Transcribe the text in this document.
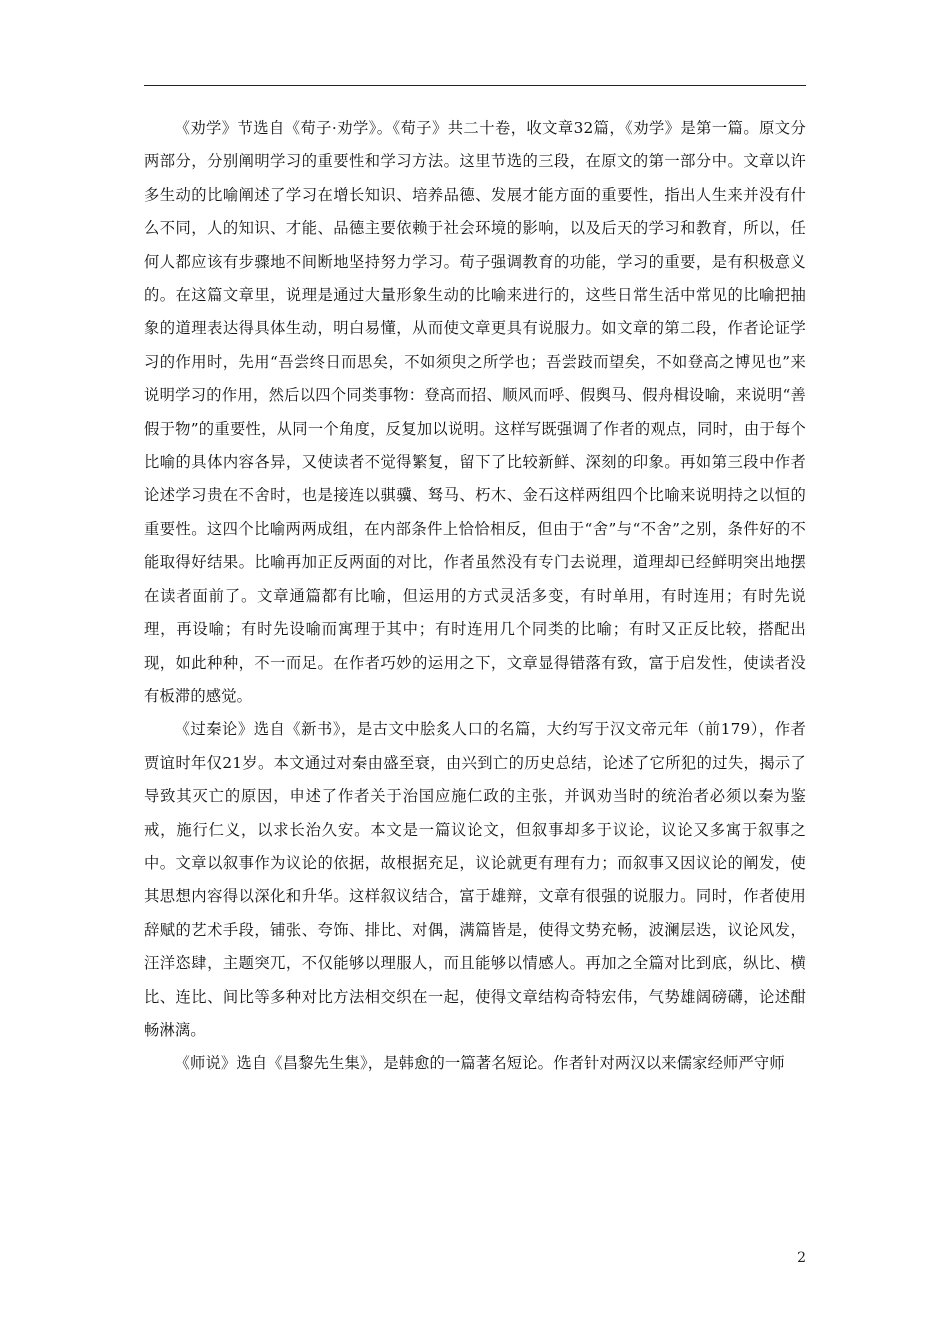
《劝学》节选自《荀子·劝学》。《荀子》共二十卷，收文章32篇，《劝学》是第一篇。原文分两部分，分别阐明学习的重要性和学习方法。这里节选的三段，在原文的第一部分中。文章以许多生动的比喻阐述了学习在增长知识、培养品德、发展才能方面的重要性，指出人生来并没有什么不同，人的知识、才能、品德主要依赖于社会环境的影响，以及后天的学习和教育，所以，任何人都应该有步骤地不间断地坚持努力学习。荀子强调教育的功能，学习的重要，是有积极意义的。在这篇文章里，说理是通过大量形象生动的比喻来进行的，这些日常生活中常见的比喻把抽象的道理表达得具体生动，明白易懂，从而使文章更具有说服力。如文章的第二段，作者论证学习的作用时，先用“吾尝终日而思矣，不如须臾之所学也；吾尝跂而望矣，不如登高之博见也”来说明学习的作用，然后以四个同类事物：登高而招、顺风而呼、假舆马、假舟楫设喻，来说明“善假于物”的重要性，从同一个角度，反复加以说明。这样写既强调了作者的观点，同时，由于每个比喻的具体内容各异，又使读者不觉得繁复，留下了比较新鲜、深刻的印象。再如第三段中作者论述学习贵在不舍时，也是接连以骐骥、驽马、朽木、金石这样两组四个比喻来说明持之以恒的重要性。这四个比喻两两成组，在内部条件上恰恰相反，但由于“舍”与“不舍”之别，条件好的不能取得好结果。比喻再加正反两面的对比，作者虽然没有专门去说理，道理却已经鲜明突出地摆在读者面前了。文章通篇都有比喻，但运用的方式灵活多变，有时单用，有时连用；有时先说理，再设喻；有时先设喻而寓理于其中；有时连用几个同类的比喻；有时又正反比较，搭配出现，如此种种，不一而足。在作者巧妙的运用之下，文章显得错落有致，富于启发性，使读者没有板滞的感觉。

《过秦论》选自《新书》，是古文中脍炙人口的名篇，大约写于汉文帝元年（前179），作者贾谊时年仅21岁。本文通过对秦由盛至衰，由兴到亡的历史总结，论述了它所犯的过失，揭示了导致其灭亡的原因，申述了作者关于治国应施仁政的主张，并讽劝当时的统治者必须以秦为鉴戒，施行仁义，以求长治久安。本文是一篇议论文，但叙事却多于议论，议论又多寓于叙事之中。文章以叙事作为议论的依据，故根据充足，议论就更有理有力；而叙事又因议论的阐发，使其思想内容得以深化和升华。这样叙议结合，富于雄辩，文章有很强的说服力。同时，作者使用辞赋的艺术手段，铺张、夸饰、排比、对偶，满篇皆是，使得文势充畅，波澜层迭，议论风发，汪洋恣肆，主题突兀，不仅能够以理服人，而且能够以情感人。再加之全篇对比到底，纵比、横比、连比、间比等多种对比方法相交织在一起，使得文章结构奇特宏伟，气势雄阔磅礴，论述酣畅淋漓。

《师说》选自《昌黎先生集》，是韩愈的一篇著名短论。作者针对两汉以来儒家经师严守师

2
